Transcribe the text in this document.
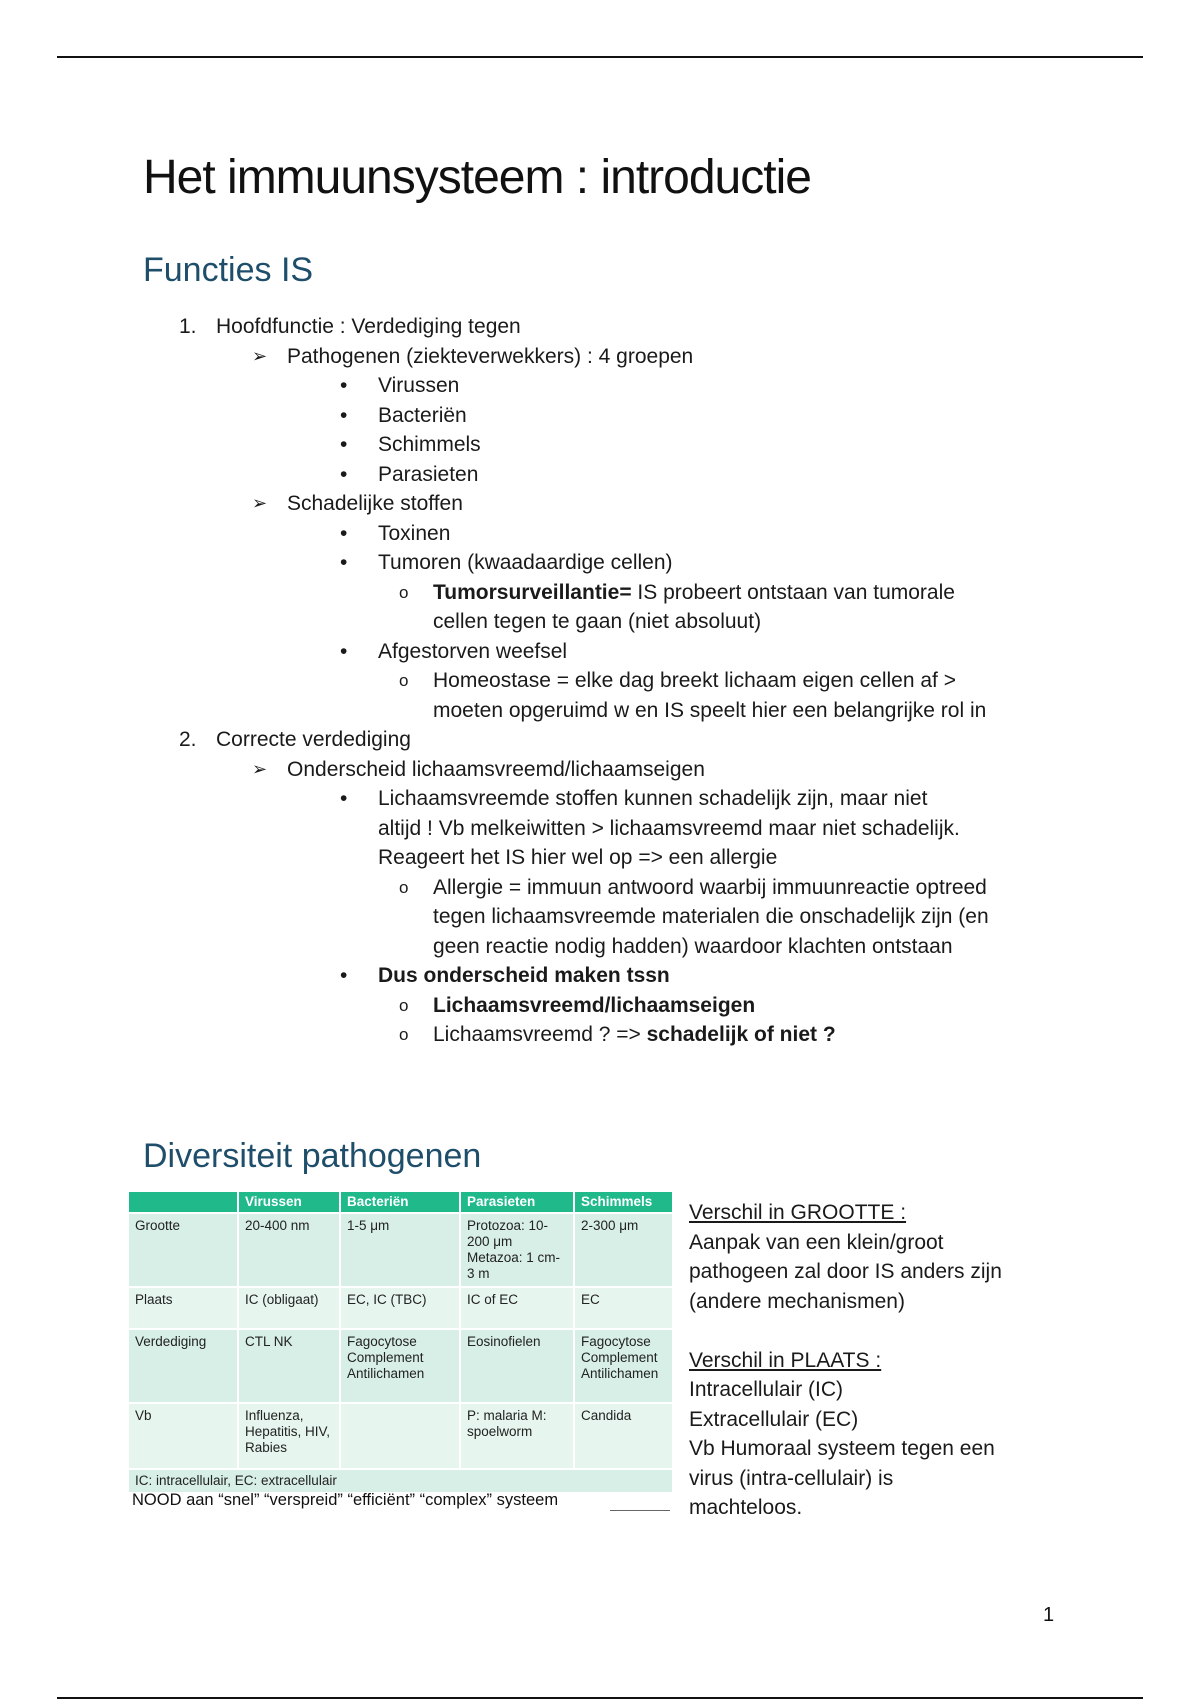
Het immuunsysteem : introductie
Functies IS
1. Hoofdfunctie : Verdediging tegen
➢ Pathogenen (ziekteverwekkers) : 4 groepen
• Virussen
• Bacteriën
• Schimmels
• Parasieten
➢ Schadelijke stoffen
• Toxinen
• Tumoren (kwaadaardige cellen)
o Tumorsurveillantie= IS probeert ontstaan van tumorale
cellen tegen te gaan (niet absoluut)
• Afgestorven weefsel
o Homeostase = elke dag breekt lichaam eigen cellen af >
moeten opgeruimd w en IS speelt hier een belangrijke rol in
2. Correcte verdediging
➢ Onderscheid lichaamsvreemd/lichaamseigen
• Lichaamsvreemde stoffen kunnen schadelijk zijn, maar niet
altijd ! Vb melkeiwitten > lichaamsvreemd maar niet schadelijk.
Reageert het IS hier wel op => een allergie
o Allergie = immuun antwoord waarbij immuunreactie optreed
tegen lichaamsvreemde materialen die onschadelijk zijn (en
geen reactie nodig hadden) waardoor klachten ontstaan
• Dus onderscheid maken tssn
o Lichaamsvreemd/lichaamseigen
o Lichaamsvreemd ? => schadelijk of niet ?
Diversiteit pathogenen
	Virussen	Bacteriën	Parasieten	Schimmels
Grootte	20-400 nm	1-5 μm	Protozoa: 10-200 μm Metazoa: 1 cm-3 m	2-300 μm
Plaats	IC (obligaat)	EC, IC (TBC)	IC of EC	EC
Verdediging	CTL NK	Fagocytose Complement Antilichamen	Eosinofielen	Fagocytose Complement Antilichamen
Vb	Influenza, Hepatitis, HIV, Rabies		P: malaria M: spoelworm	Candida
IC: intracellulair, EC: extracellulair				
NOOD aan “snel” “verspreid” “efficiënt” “complex” systeem
Verschil in GROOTTE :
Aanpak van een klein/groot
pathogeen zal door IS anders zijn
(andere mechanismen)
Verschil in PLAATS :
Intracellulair (IC)
Extracellulair (EC)
Vb Humoraal systeem tegen een
virus (intra-cellulair) is
machteloos.
1
